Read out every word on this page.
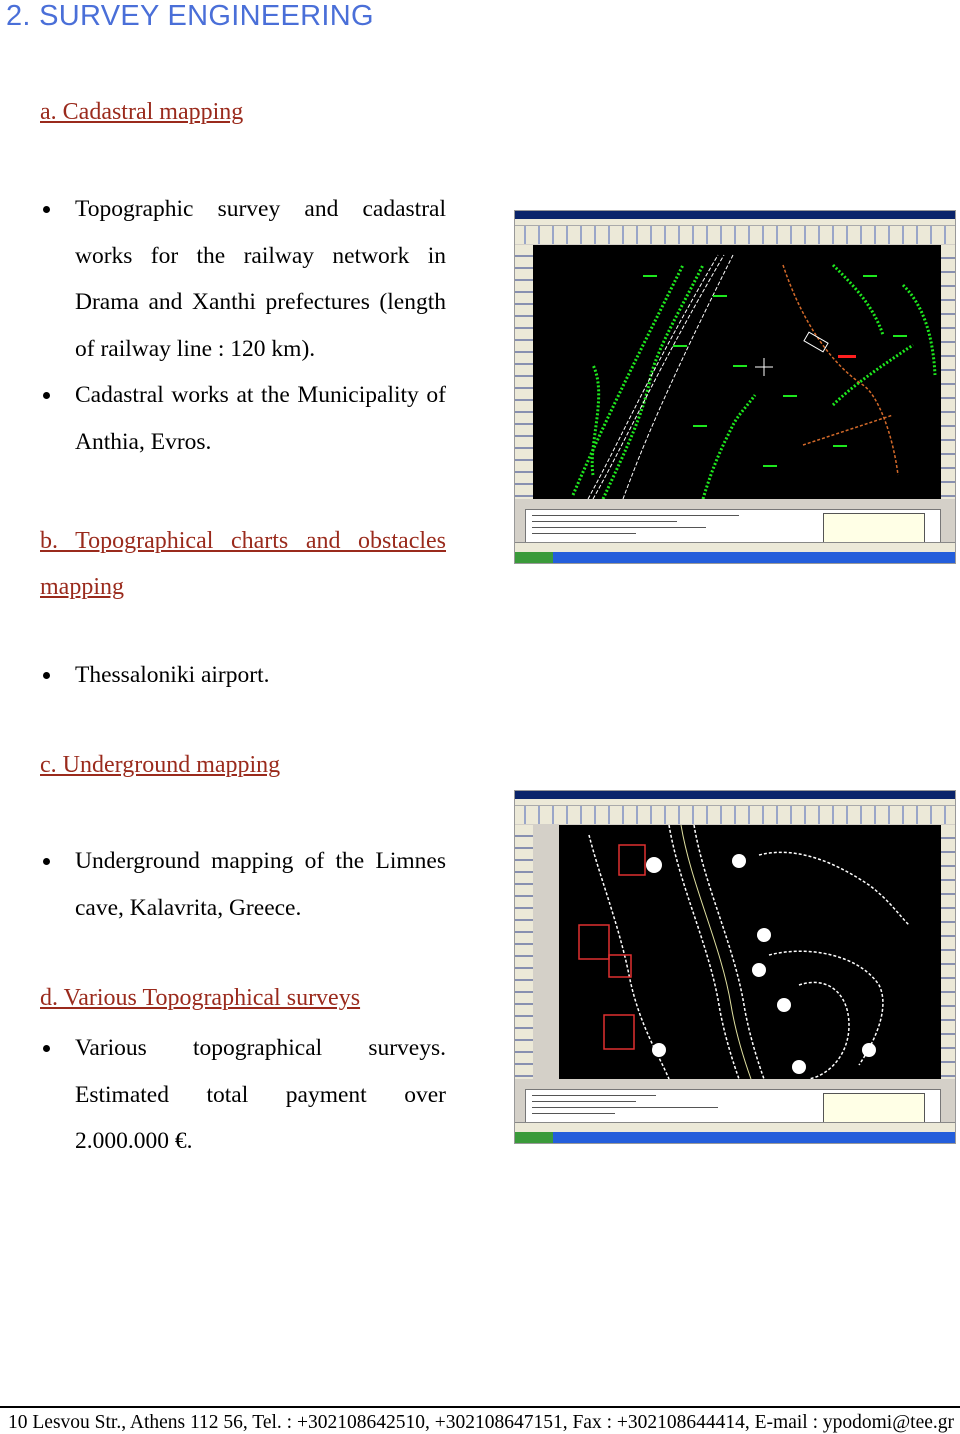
2. SURVEY ENGINEERING
a. Cadastral mapping
Topographic survey and cadastral works for the railway network in Drama and Xanthi prefectures (length of railway line : 120 km).
Cadastral works at the Municipality of Anthia, Evros.
b. Topographical charts and obstacles mapping
Thessaloniki airport.
c. Underground mapping
Underground mapping of the Limnes cave, Kalavrita, Greece.
d. Various Topographical surveys
Various topographical surveys. Estimated total payment over 2.000.000 €.
10 Lesvou Str., Athens 112 56, Tel. : +302108642510, +302108647151, Fax : +302108644414, E-mail : ypodomi@tee.gr
